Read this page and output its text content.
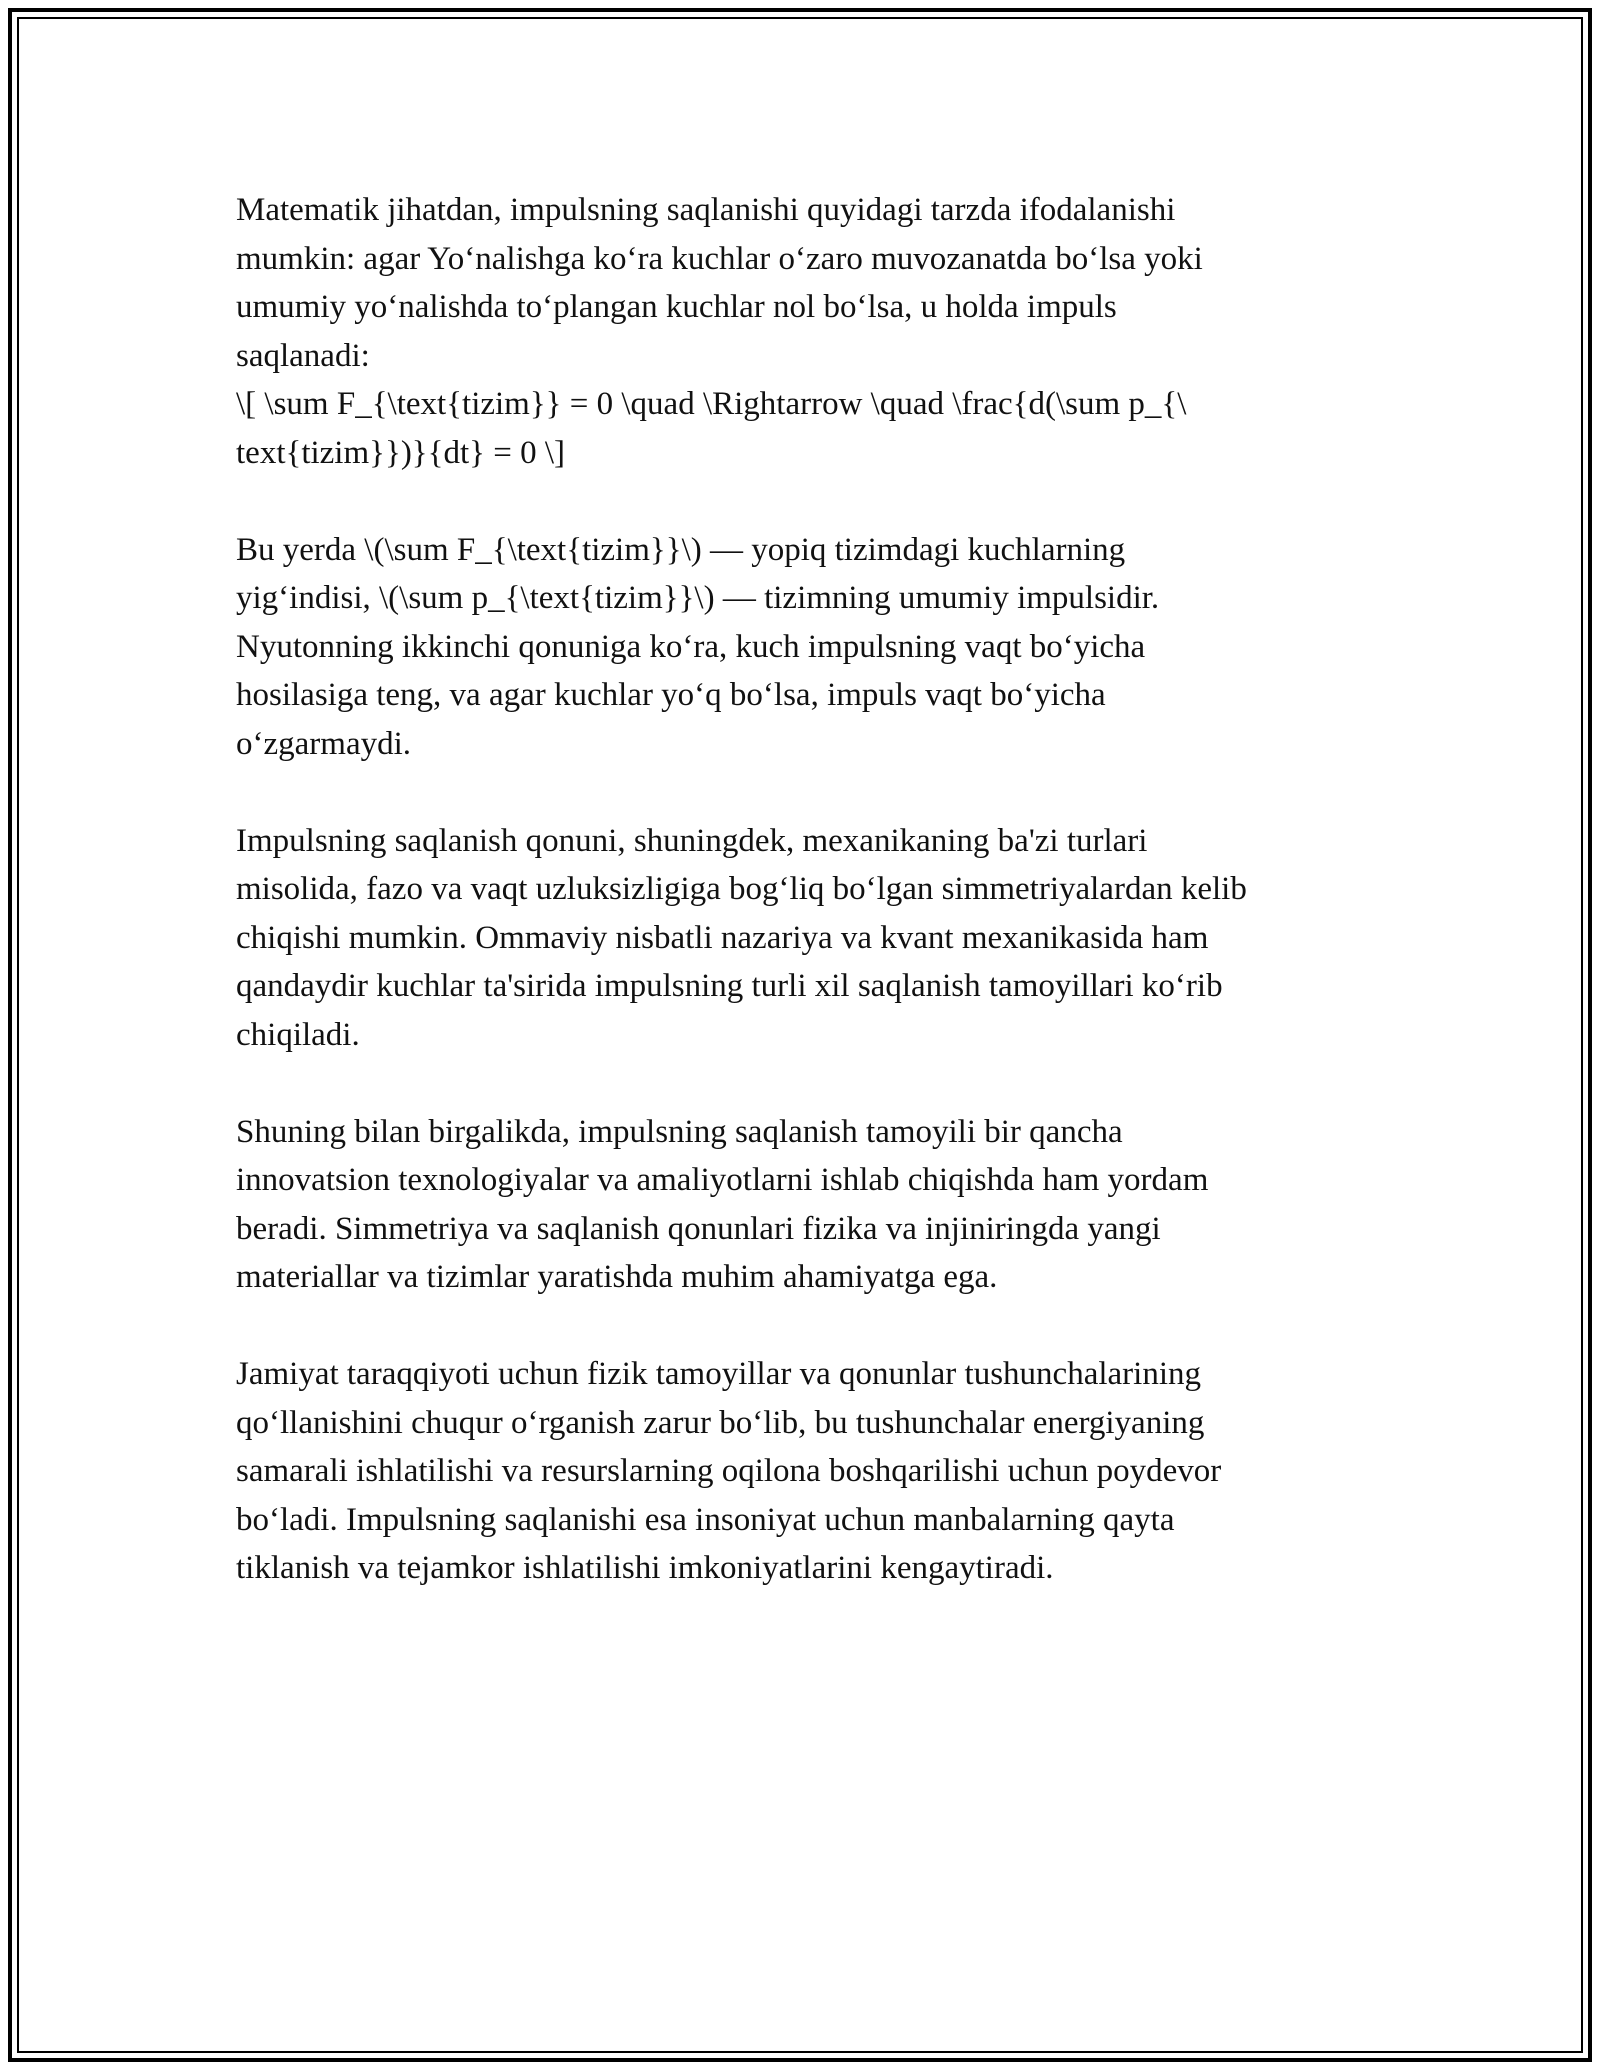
Matematik jihatdan, impulsning saqlanishi quyidagi tarzda ifodalanishi
mumkin: agar Yoʻnalishga koʻra kuchlar oʻzaro muvozanatda boʻlsa yoki
umumiy yoʻnalishda toʻplangan kuchlar nol boʻlsa, u holda impuls
saqlanadi:
\[ \sum F_{\text{tizim}} = 0 \quad \Rightarrow \quad \frac{d(\sum p_{\
text{tizim}})}{dt} = 0 \]

Bu yerda \(\sum F_{\text{tizim}}\) — yopiq tizimdagi kuchlarning
yigʻindisi, \(\sum p_{\text{tizim}}\) — tizimning umumiy impulsidir.
Nyutonning ikkinchi qonuniga koʻra, kuch impulsning vaqt boʻyicha
hosilasiga teng, va agar kuchlar yoʻq boʻlsa, impuls vaqt boʻyicha
oʻzgarmaydi.

Impulsning saqlanish qonuni, shuningdek, mexanikaning ba'zi turlari
misolida, fazo va vaqt uzluksizligiga bogʻliq boʻlgan simmetriyalardan kelib
chiqishi mumkin. Ommaviy nisbatli nazariya va kvant mexanikasida ham
qandaydir kuchlar ta'sirida impulsning turli xil saqlanish tamoyillari koʻrib
chiqiladi.

Shuning bilan birgalikda, impulsning saqlanish tamoyili bir qancha
innovatsion texnologiyalar va amaliyotlarni ishlab chiqishda ham yordam
beradi. Simmetriya va saqlanish qonunlari fizika va injiniringda yangi
materiallar va tizimlar yaratishda muhim ahamiyatga ega.

Jamiyat taraqqiyoti uchun fizik tamoyillar va qonunlar tushunchalarining
qoʻllanishini chuqur oʻrganish zarur boʻlib, bu tushunchalar energiyaning
samarali ishlatilishi va resurslarning oqilona boshqarilishi uchun poydevor
boʻladi. Impulsning saqlanishi esa insoniyat uchun manbalarning qayta
tiklanish va tejamkor ishlatilishi imkoniyatlarini kengaytiradi.
